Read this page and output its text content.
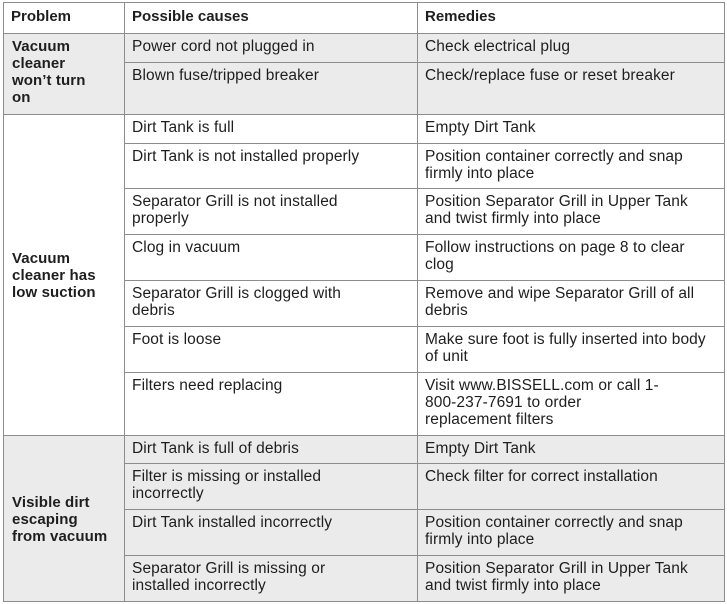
Problem	Possible causes	Remedies
Vacuum cleaner won’t turn on	Power cord not plugged in	Check electrical plug
	Blown fuse/tripped breaker	Check/replace fuse or reset breaker
Vacuum cleaner has low suction	Dirt Tank is full	Empty Dirt Tank
	Dirt Tank is not installed properly	Position container correctly and snap firmly into place
	Separator Grill is not installed properly	Position Separator Grill in Upper Tank and twist firmly into place
	Clog in vacuum	Follow instructions on page 8 to clear clog
	Separator Grill is clogged with debris	Remove and wipe Separator Grill of all debris
	Foot is loose	Make sure foot is fully inserted into body of unit
	Filters need replacing	Visit www.BISSELL.com or call 1-800-237-7691 to order replacement filters
Visible dirt escaping from vacuum	Dirt Tank is full of debris	Empty Dirt Tank
	Filter is missing or installed incorrectly	Check filter for correct installation
	Dirt Tank installed incorrectly	Position container correctly and snap firmly into place
	Separator Grill is missing or installed incorrectly	Position Separator Grill in Upper Tank and twist firmly into place
